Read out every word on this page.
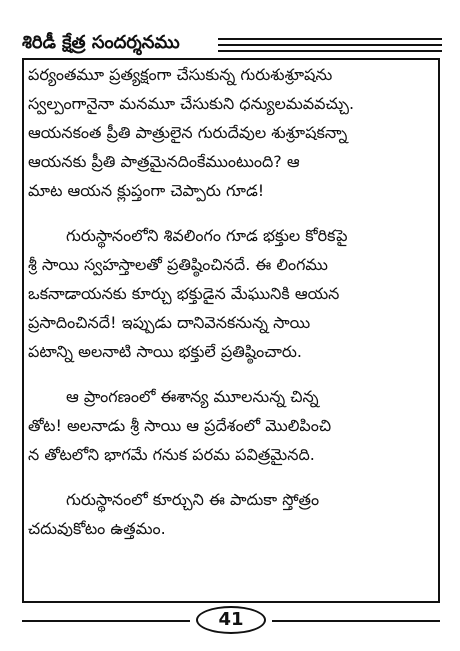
శిరిడీ క్షేత్ర సందర్శనము

పర్యంతమూ ప్రత్యక్షంగా చేసుకున్న గురుశుశ్రూషను
స్వల్పంగానైనా మనమూ చేసుకుని ధన్యులమవవచ్చు.
ఆయనకంత ప్రీతి పాత్రులైన గురుదేవుల శుశ్రూషకన్నా
ఆయనకు ప్రీతి పాత్రమైనదింకేముంటుంది? ఆ
మాట ఆయన క్లుప్తంగా చెప్పారు గూడ!

గురుస్థానంలోని శివలింగం గూడ భక్తుల కోరికపై
శ్రీ సాయి స్వహస్తాలతో ప్రతిష్ఠించినదే. ఈ లింగము
ఒకనాడాయనకు కూర్చు భక్తుడైన మేఘునికి ఆయన
ప్రసాదించినదే! ఇప్పుడు దానివెనకనున్న సాయి
పటాన్ని అలనాటి సాయి భక్తులే ప్రతిష్ఠించారు.

ఆ ప్రాంగణంలో ఈశాన్య మూలనున్న చిన్న
తోట! అలనాడు శ్రీ సాయి ఆ ప్రదేశంలో మొలిపించి
న తోటలోని భాగమే గనుక పరమ పవిత్రమైనది.

గురుస్థానంలో కూర్చుని ఈ పాదుకా స్తోత్రం
చదువుకోటం ఉత్తమం.

41
